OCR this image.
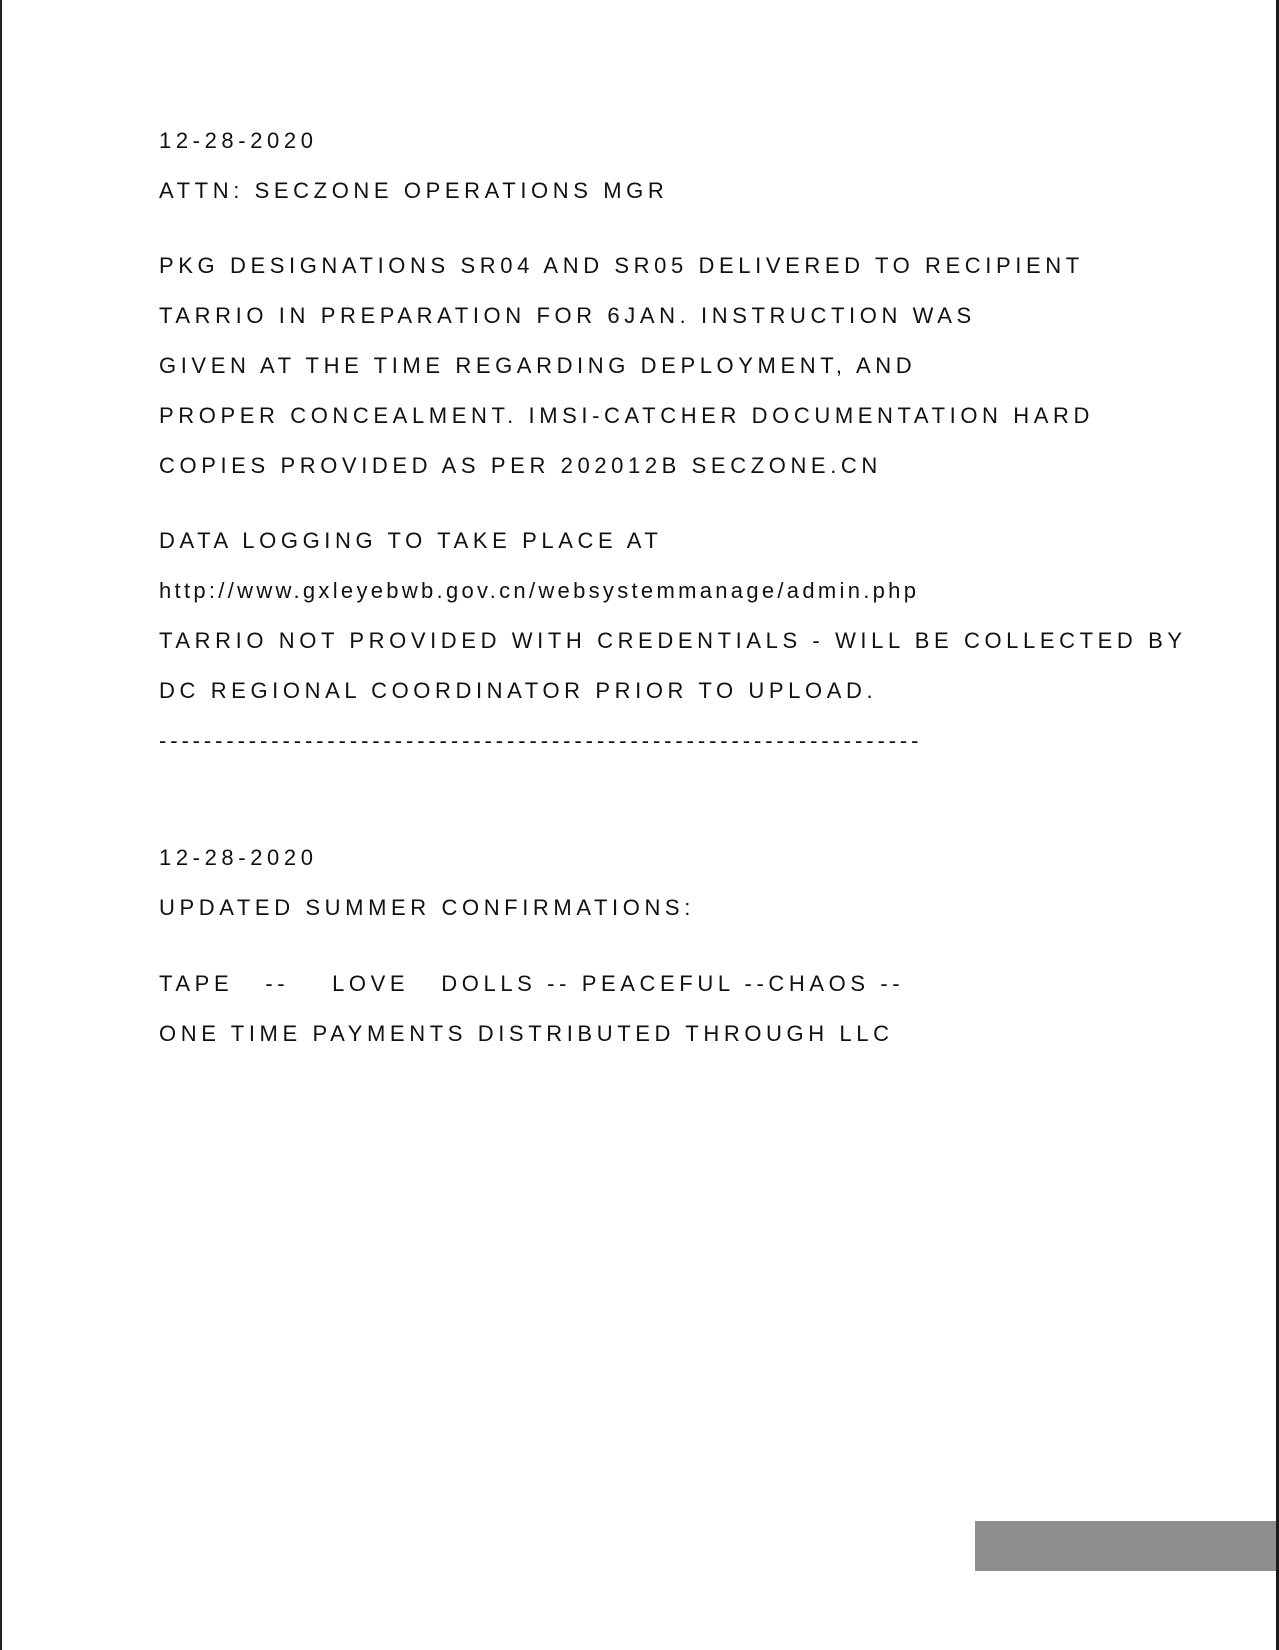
12-28-2020

ATTN: SECZONE OPERATIONS MGR

PKG DESIGNATIONS SR04 AND SR05 DELIVERED TO RECIPIENT

TARRIO IN PREPARATION FOR 6JAN. INSTRUCTION WAS

GIVEN AT THE TIME REGARDING DEPLOYMENT, AND

PROPER CONCEALMENT. IMSI-CATCHER DOCUMENTATION HARD

COPIES PROVIDED AS PER 202012B SECZONE.CN

DATA LOGGING TO TAKE PLACE AT

http://www.gxleyebwb.gov.cn/websystemmanage/admin.php

TARRIO NOT PROVIDED WITH CREDENTIALS - WILL BE COLLECTED BY

DC REGIONAL COORDINATOR PRIOR TO UPLOAD.

--------------------------------------------------------------------

12-28-2020

UPDATED SUMMER CONFIRMATIONS:

TAPE   --    LOVE   DOLLS -- PEACEFUL --CHAOS --

ONE TIME PAYMENTS DISTRIBUTED THROUGH LLC
